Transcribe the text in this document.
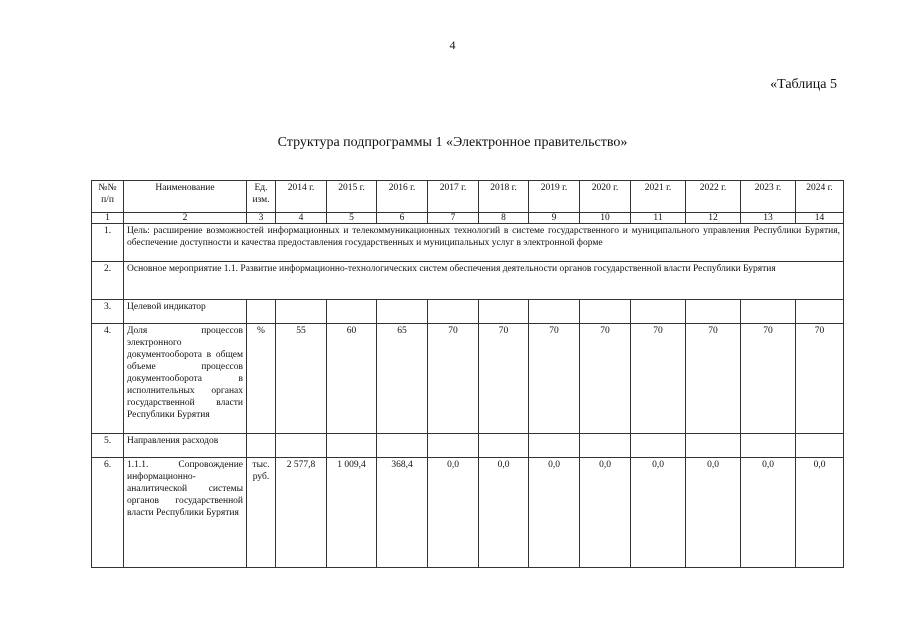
4
«Таблица 5
Структура подпрограммы 1 «Электронное правительство»
№№ п/п	Наименование	Ед. изм.	2014 г.	2015 г.	2016 г.	2017 г.	2018 г.	2019 г.	2020 г.	2021 г.	2022 г.	2023 г.	2024 г.
1	2	3	4	5	6	7	8	9	10	11	12	13	14
1.	Цель: расширение возможностей информационных и телекоммуникационных технологий в системе государственного и муниципального управления Республики Бурятия, обеспечение доступности и качества предоставления государственных и муниципальных услуг в электронной форме												
2.	Основное мероприятие 1.1. Развитие информационно-технологических систем обеспечения деятельности органов государственной власти Республики Бурятия												
3.	Целевой индикатор												
4.	Доля процессов электронного документооборота в общем объеме процессов документооборота в исполнительных органах государственной власти Республики Бурятия	%	55	60	65	70	70	70	70	70	70	70	70
5.	Направления расходов												
6.	1.1.1. Сопровождение информационно-аналитической системы органов государственной власти Республики Бурятия	тыс. руб.	2 577,8	1 009,4	368,4	0,0	0,0	0,0	0,0	0,0	0,0	0,0	0,0
